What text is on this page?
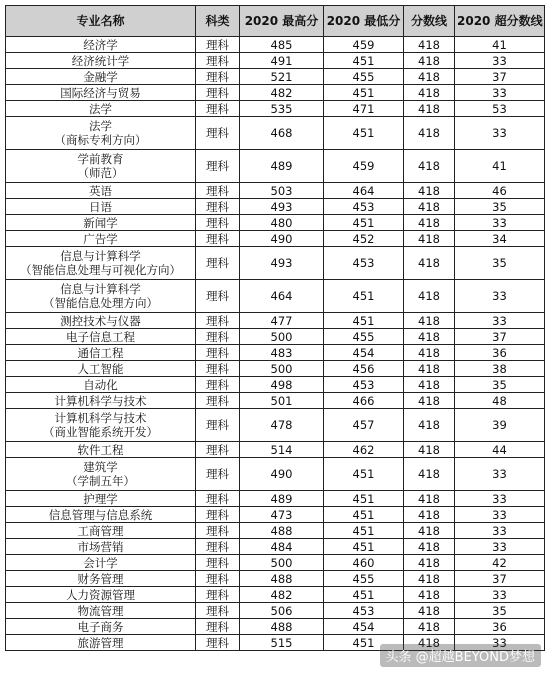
专业名称	科类	2020 最高分	2020 最低分	分数线	2020 超分数线
经济学	理科	485	459	418	41
经济统计学	理科	491	451	418	33
金融学	理科	521	455	418	37
国际经济与贸易	理科	482	451	418	33
法学	理科	535	471	418	53
法学
（商标专利方向）	理科	468	451	418	33
学前教育
（师范）	理科	489	459	418	41
英语	理科	503	464	418	46
日语	理科	493	453	418	35
新闻学	理科	480	451	418	33
广告学	理科	490	452	418	34
信息与计算科学
（智能信息处理与可视化方向）	理科	493	453	418	35
信息与计算科学
（智能信息处理方向）	理科	464	451	418	33
测控技术与仪器	理科	477	451	418	33
电子信息工程	理科	500	455	418	37
通信工程	理科	483	454	418	36
人工智能	理科	500	456	418	38
自动化	理科	498	453	418	35
计算机科学与技术	理科	501	466	418	48
计算机科学与技术
（商业智能系统开发）	理科	478	457	418	39
软件工程	理科	514	462	418	44
建筑学
（学制五年）	理科	490	451	418	33
护理学	理科	489	451	418	33
信息管理与信息系统	理科	473	451	418	33
工商管理	理科	488	451	418	33
市场营销	理科	484	451	418	33
会计学	理科	500	460	418	42
财务管理	理科	488	455	418	37
人力资源管理	理科	482	451	418	33
物流管理	理科	506	453	418	35
电子商务	理科	488	454	418	36
旅游管理	理科	515	451	418	33
头条 @超越BEYOND梦想
